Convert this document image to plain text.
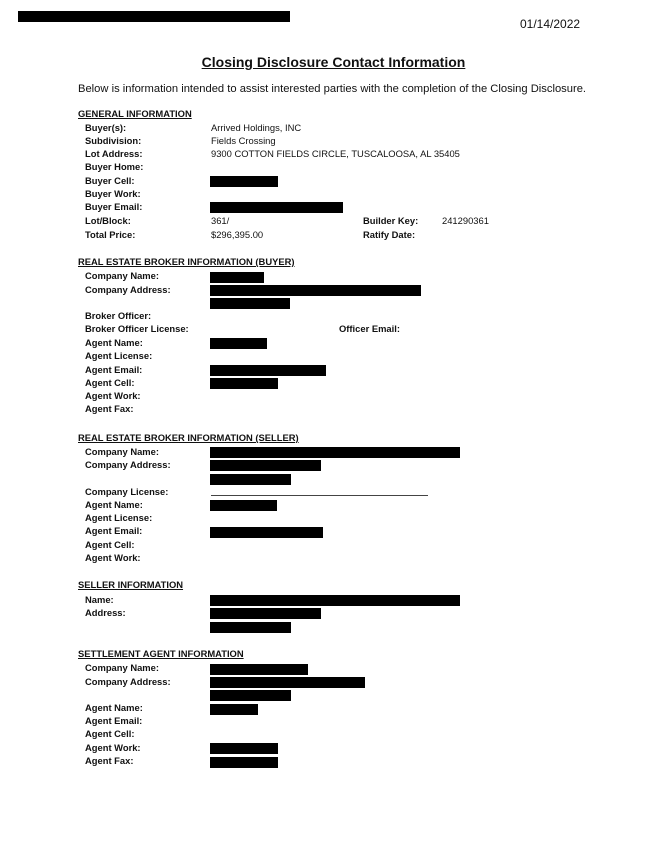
01/14/2022
Closing Disclosure Contact Information
Below is information intended to assist interested parties with the completion of the Closing Disclosure.
GENERAL INFORMATION
Buyer(s):	Arrived Holdings, INC
Subdivision:	Fields Crossing
Lot Address:	9300 COTTON FIELDS CIRCLE, TUSCALOOSA, AL 35405
Buyer Home:
Buyer Cell:
Buyer Work:
Buyer Email:
Lot/Block:	361/	Builder Key:	241290361
Total Price:	$296,395.00	Ratify Date:
REAL ESTATE BROKER INFORMATION (BUYER)
Company Name:
Company Address:
Broker Officer:
Broker Officer License:	Officer Email:
Agent Name:
Agent License:
Agent Email:
Agent Cell:
Agent Work:
Agent Fax:
REAL ESTATE BROKER INFORMATION (SELLER)
Company Name:
Company Address:
Company License:
Agent Name:
Agent License:
Agent Email:
Agent Cell:
Agent Work:
SELLER INFORMATION
Name:
Address:
SETTLEMENT AGENT INFORMATION
Company Name:
Company Address:
Agent Name:
Agent Email:
Agent Cell:
Agent Work:
Agent Fax:
